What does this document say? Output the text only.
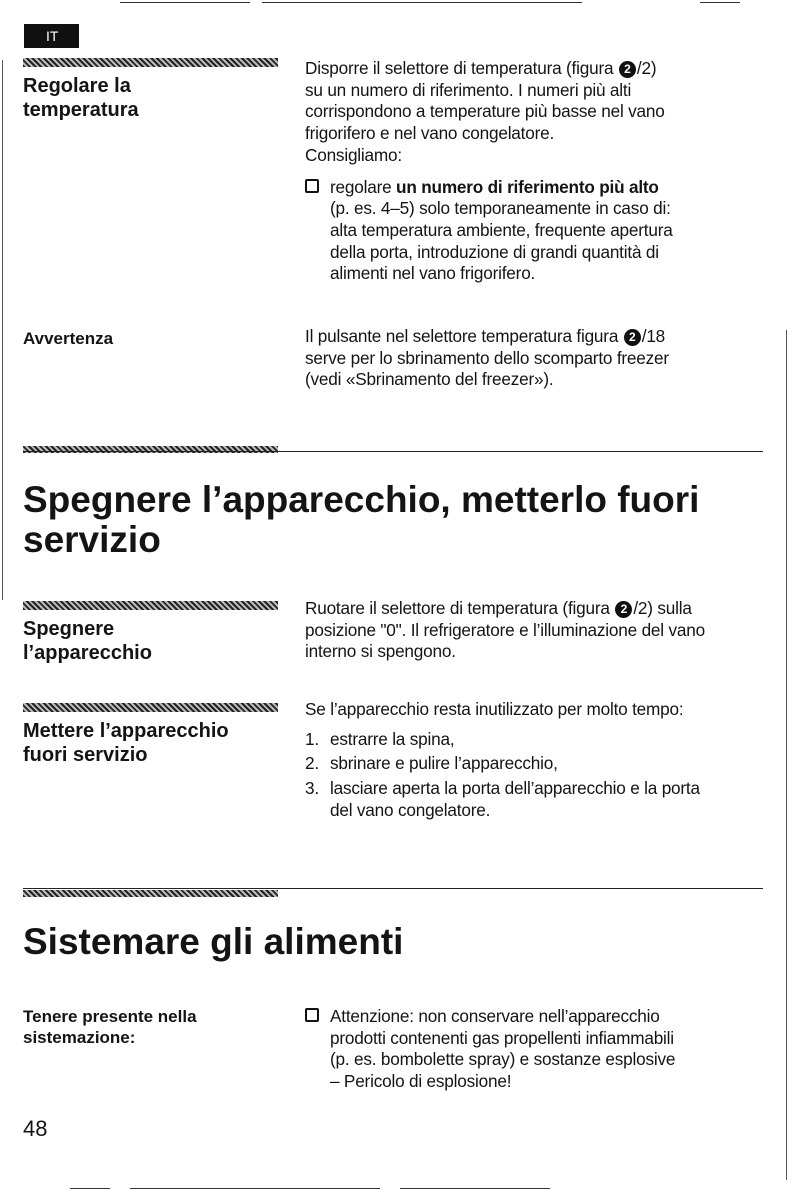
IT
Regolare la
temperatura
Disporre il selettore di temperatura (figura 2 /2)
su un numero di riferimento. I numeri più alti
corrispondono a temperature più basse nel vano
frigorifero e nel vano congelatore.
Consigliamo:
regolare un numero di riferimento più alto
(p. es. 4–5) solo temporaneamente in caso di:
alta temperatura ambiente, frequente apertura
della porta, introduzione di grandi quantità di
alimenti nel vano frigorifero.
Avvertenza	Il pulsante nel selettore temperatura figura 2 /18
serve per lo sbrinamento dello scomparto freezer
(vedi «Sbrinamento del freezer»).
Spegnere l’apparecchio, metterlo fuori
servizio
Spegnere
l’apparecchio
Ruotare il selettore di temperatura (figura 2 /2) sulla
posizione "0". Il refrigeratore e l’illuminazione del vano
interno si spengono.
Mettere l’apparecchio
fuori servizio
Se l’apparecchio resta inutilizzato per molto tempo:
1. estrarre la spina,
2. sbrinare e pulire l’apparecchio,
3. lasciare aperta la porta dell’apparecchio e la porta
del vano congelatore.
Sistemare gli alimenti
Tenere presente nella
sistemazione:
Attenzione: non conservare nell’apparecchio
prodotti contenenti gas propellenti infiammabili
(p. es. bombolette spray) e sostanze esplosive
– Pericolo di esplosione!
48
